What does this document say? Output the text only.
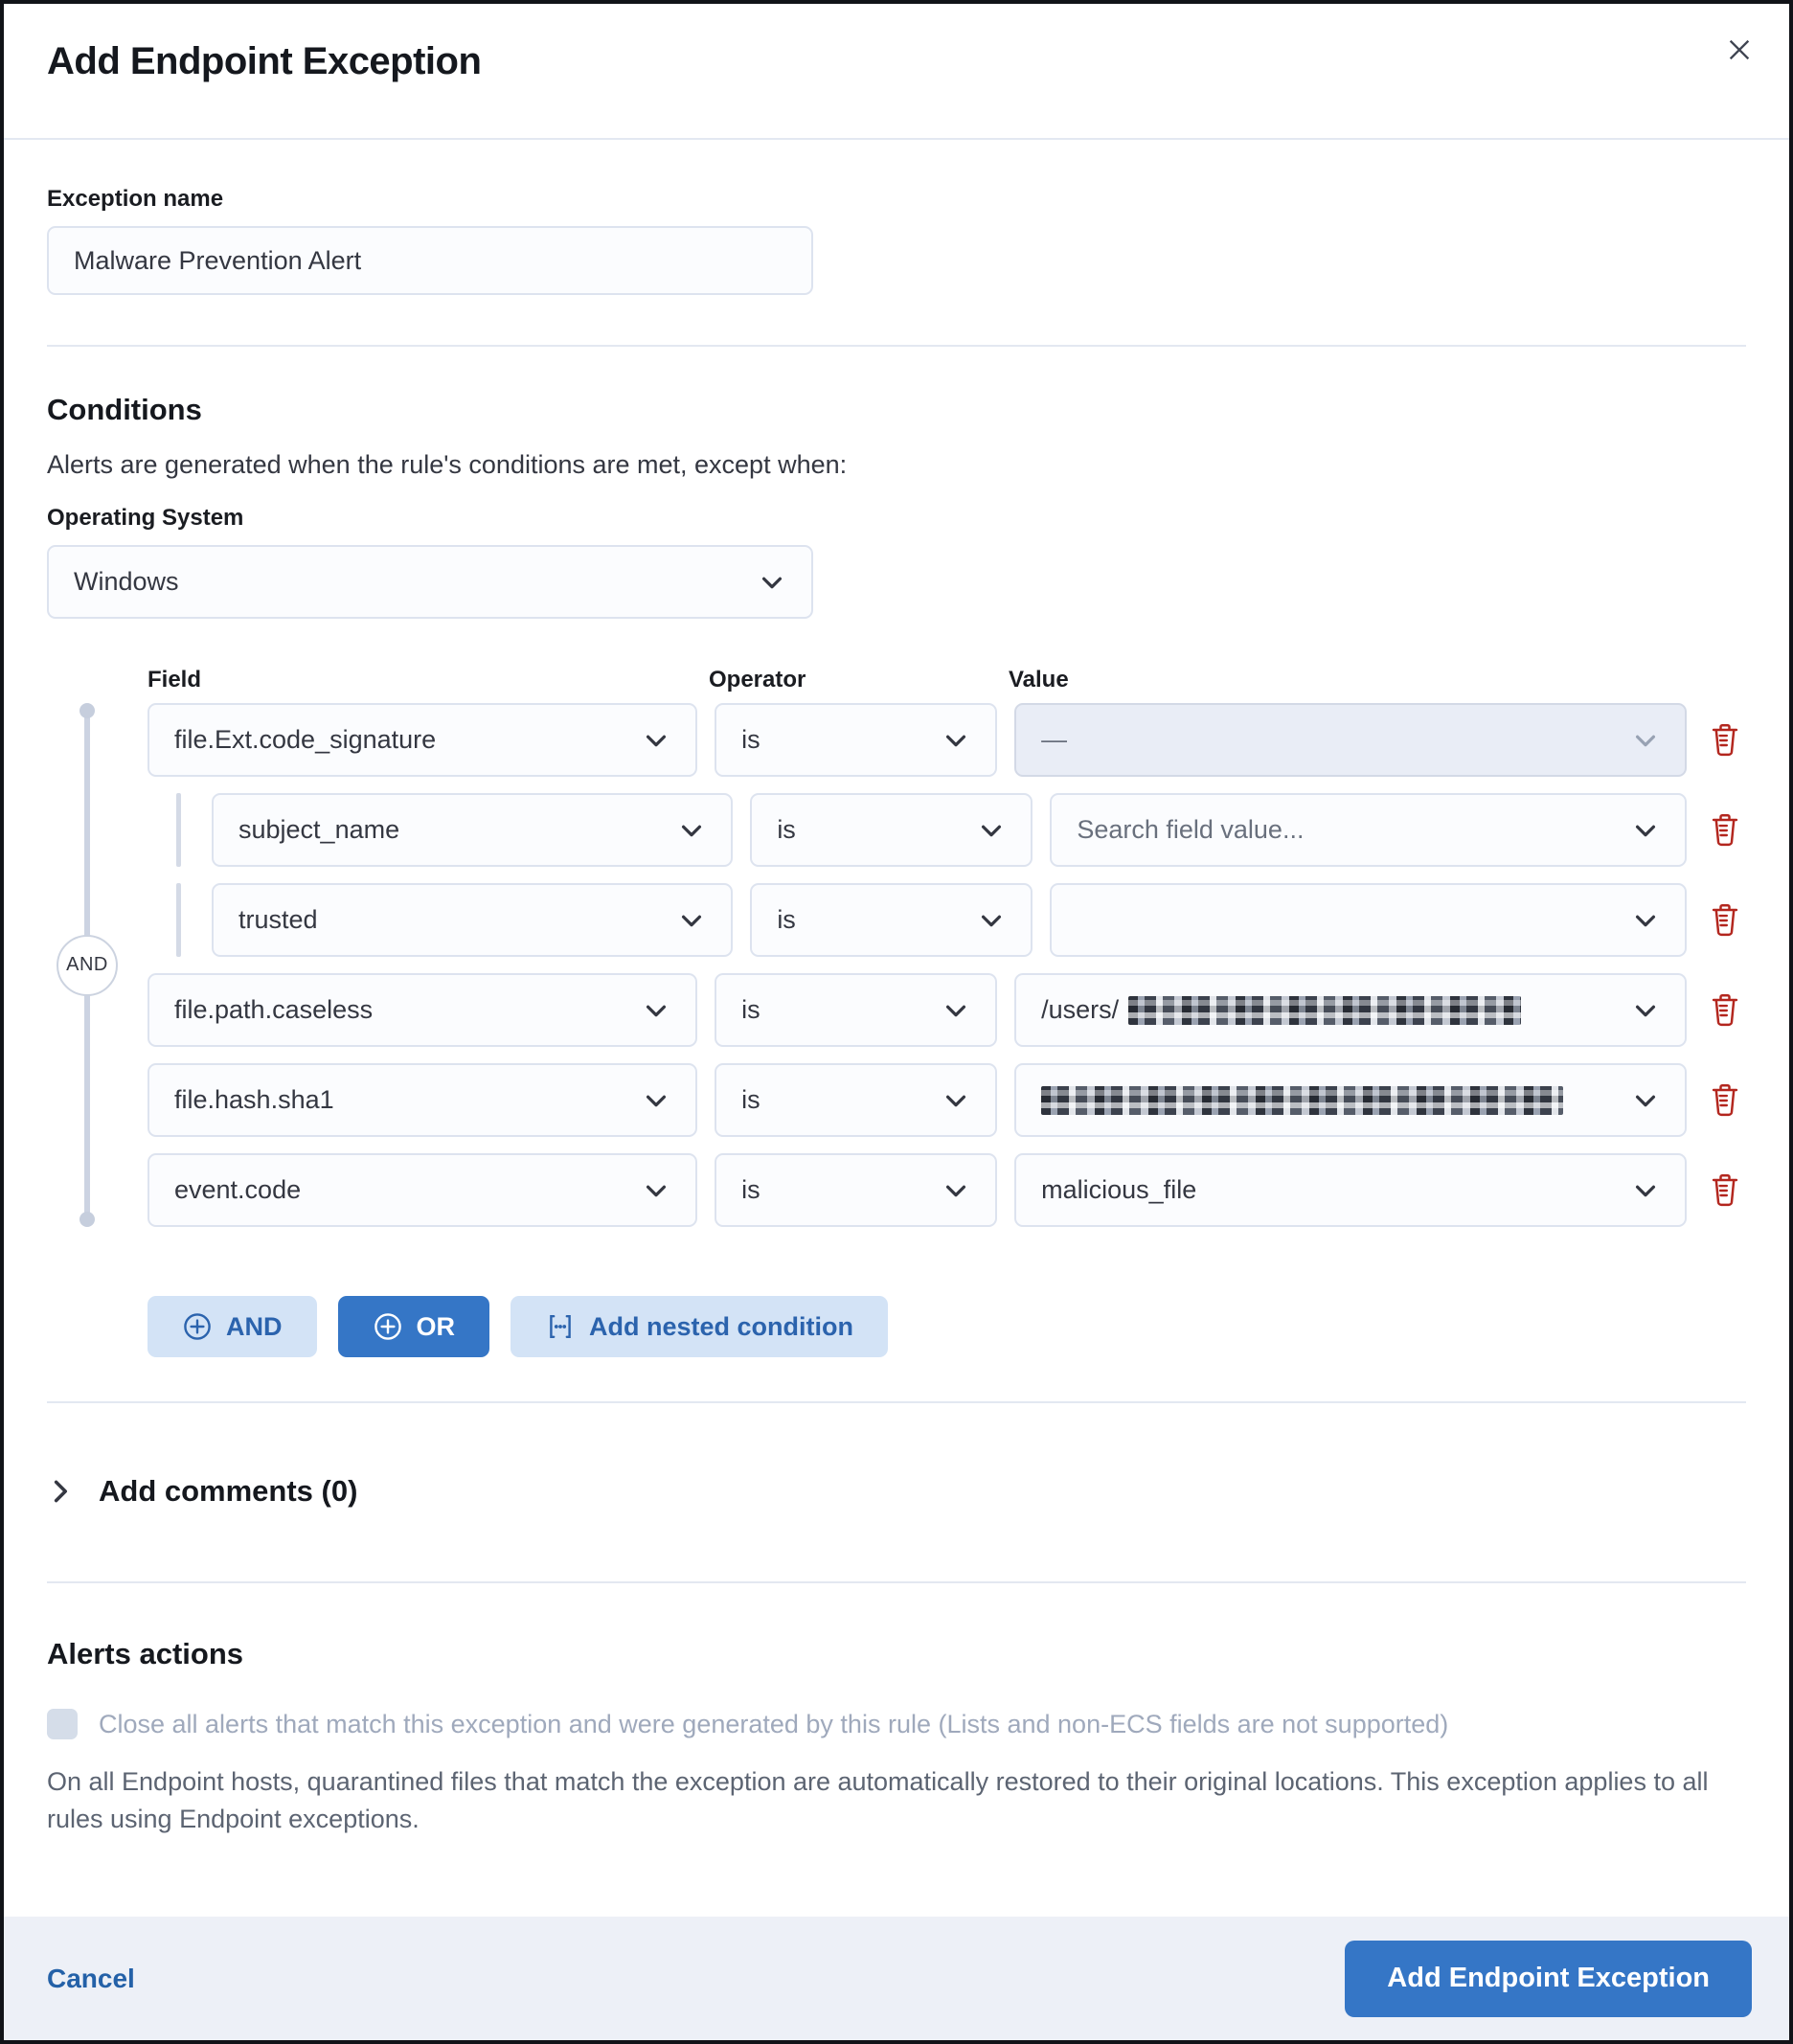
Add Endpoint Exception
Exception name
Malware Prevention Alert
Conditions
Alerts are generated when the rule's conditions are met, except when:
Operating System
Windows
Field	Operator	Value
AND
file.Ext.code_signature	is	—
subject_name	is	Search field value...
trusted	is
file.path.caseless	is	/users/
file.hash.sha1	is
event.code	is	malicious_file
AND	OR	Add nested condition
Add comments (0)
Alerts actions
Close all alerts that match this exception and were generated by this rule (Lists and non-ECS fields are not supported)

On all Endpoint hosts, quarantined files that match the exception are automatically restored to their original locations. This exception applies to all rules using Endpoint exceptions.

Cancel	Add Endpoint Exception
